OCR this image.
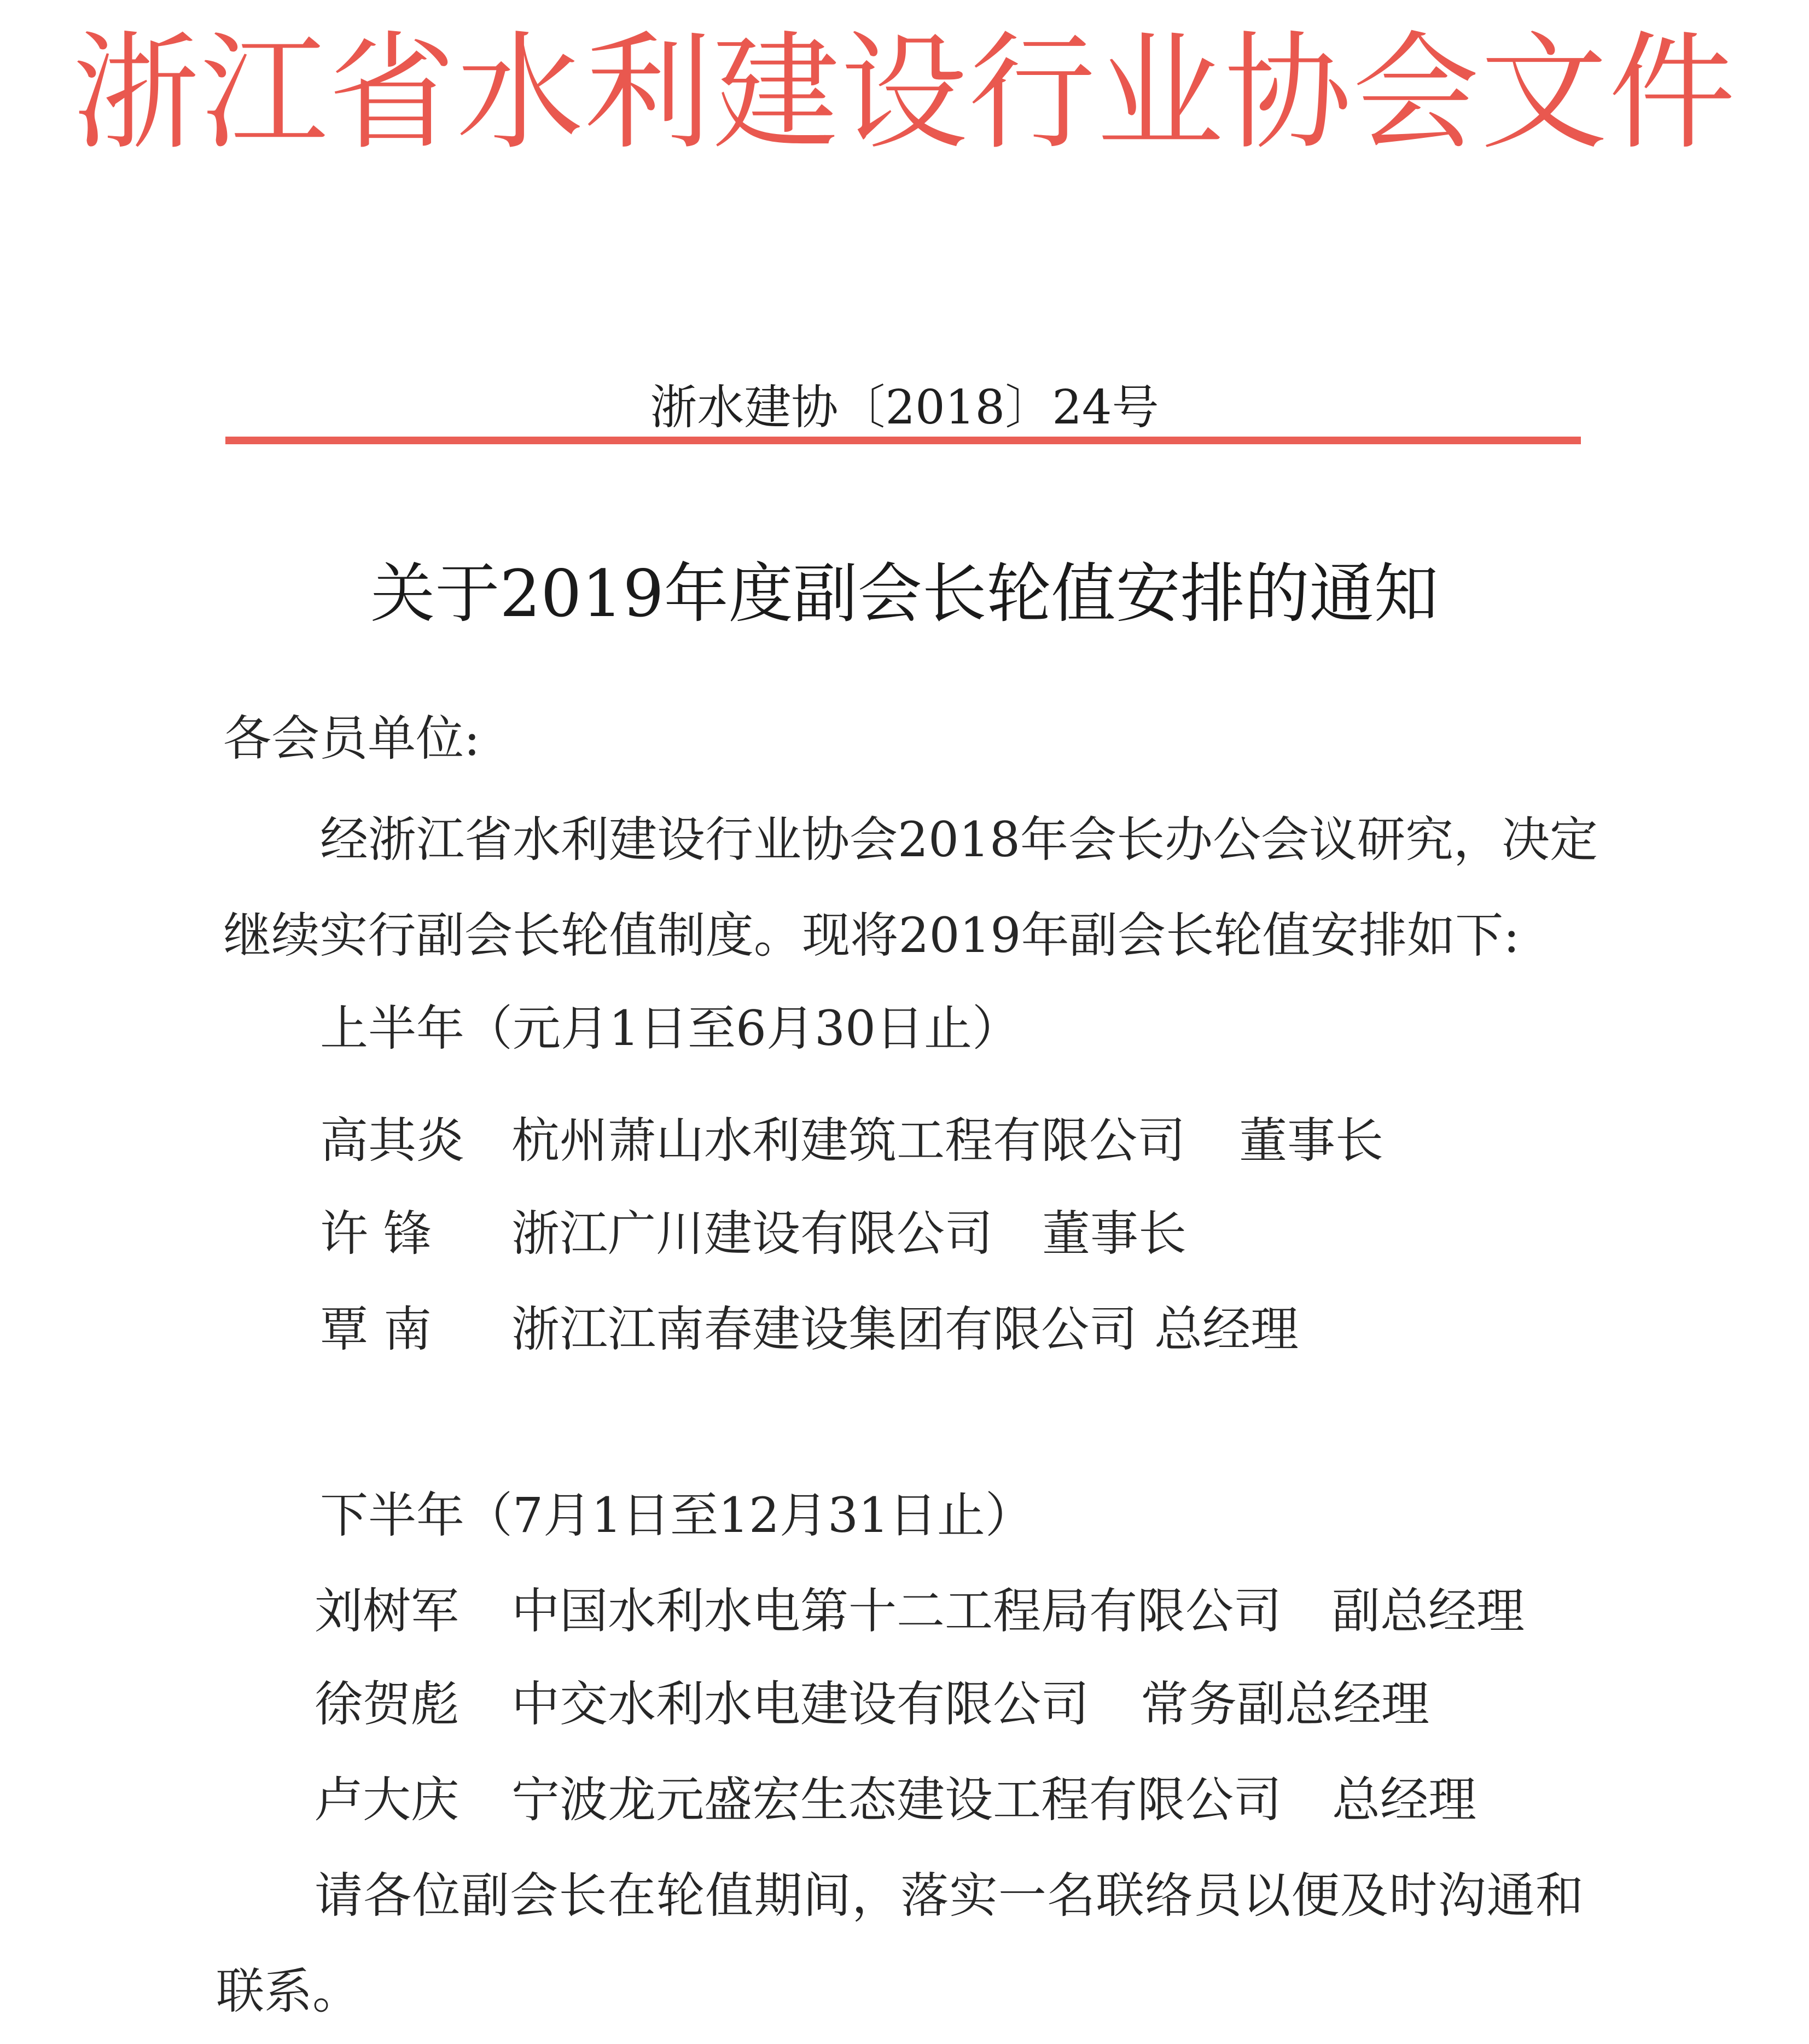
浙江省水利建设行业协会文件
浙水建协〔2018〕24号
关于2019年度副会长轮值安排的通知
各会员单位:
经浙江省水利建设行业协会2018年会长办公会议研究，决定
继续实行副会长轮值制度。现将2019年副会长轮值安排如下:
上半年（元月1日至6月30日止）
高其炎 杭州萧山水利建筑工程有限公司 董事长
许 锋 浙江广川建设有限公司 董事长
覃 南 浙江江南春建设集团有限公司 总经理
下半年（7月1日至12月31日止）
刘树军 中国水利水电第十二工程局有限公司 副总经理
徐贺彪 中交水利水电建设有限公司 常务副总经理
卢大庆 宁波龙元盛宏生态建设工程有限公司 总经理
请各位副会长在轮值期间，落实一名联络员以便及时沟通和
联系。
